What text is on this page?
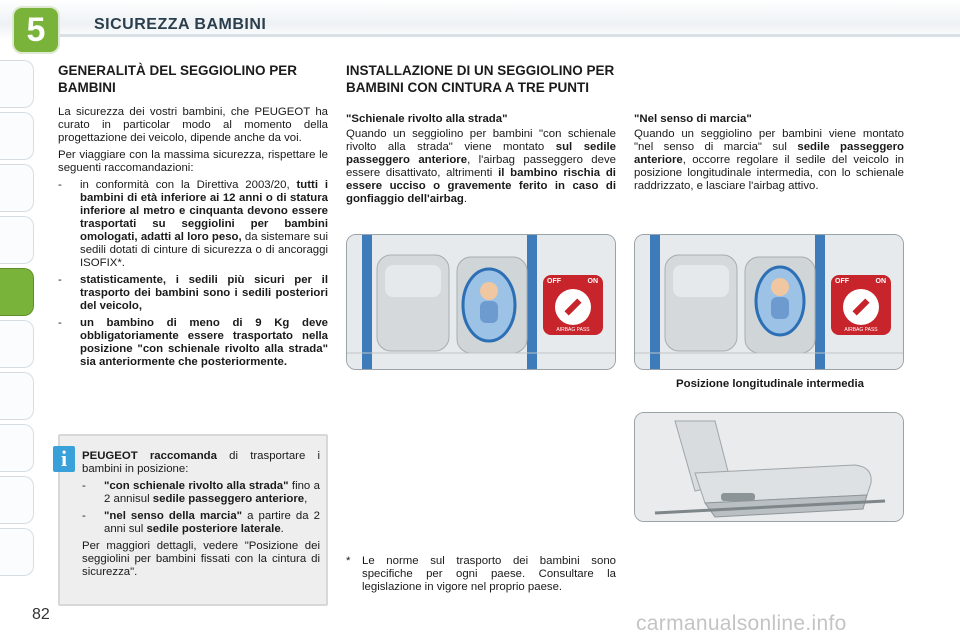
5	SICUREZZA BAMBINI
82
GENERALITÀ DEL SEGGIOLINO PER BAMBINI
La sicurezza dei vostri bambini, che PEUGEOT ha curato in particolar modo al momento della progettazione dei veicolo, dipende anche da voi.
Per viaggiare con la massima sicurezza, rispettare le seguenti raccomandazioni:
-	in conformità con la Direttiva 2003/20, tutti i bambini di età inferiore ai 12 anni o di statura inferiore al metro e cinquanta devono essere trasportati su seggiolini per bambini omologati, adatti al loro peso, da sistemare sui sedili dotati di cinture di sicurezza o di ancoraggi ISOFIX*.
-	statisticamente, i sedili più sicuri per il trasporto dei bambini sono i sedili posteriori del veicolo,
-	un bambino di meno di 9 Kg deve obbligatoriamente essere trasportato nella posizione "con schienale rivolto alla strada" sia anteriormente che posteriormente.
i	PEUGEOT raccomanda di trasportare i bambini in posizione:
-	"con schienale rivolto alla strada" fino a 2 annisul sedile passeggero anteriore,
-	"nel senso della marcia" a partire da 2 anni sul sedile posteriore laterale.
Per maggiori dettagli, vedere "Posizione dei seggiolini per bambini fissati con la cintura di sicurezza".
INSTALLAZIONE DI UN SEGGIOLINO PER BAMBINI CON CINTURA A TRE PUNTI
"Schienale rivolto alla strada"
Quando un seggiolino per bambini "con schienale rivolto alla strada" viene montato sul sedile passeggero anteriore, l'airbag passeggero deve essere disattivato, altrimenti il bambino rischia di essere ucciso o gravemente ferito in caso di gonfiaggio dell'airbag.
OFF	ON
AIRBAG PASS
*	Le norme sul trasporto dei bambini sono specifiche per ogni paese. Consultare la legislazione in vigore nel proprio paese.
"Nel senso di marcia"
Quando un seggiolino per bambini viene montato "nel senso di marcia" sul sedile passeggero anteriore, occorre regolare il sedile del veicolo in posizione longitudinale intermedia, con lo schienale raddrizzato, e lasciare l'airbag attivo.
OFF	ON
AIRBAG PASS
Posizione longitudinale intermedia
carmanualsonline.info
